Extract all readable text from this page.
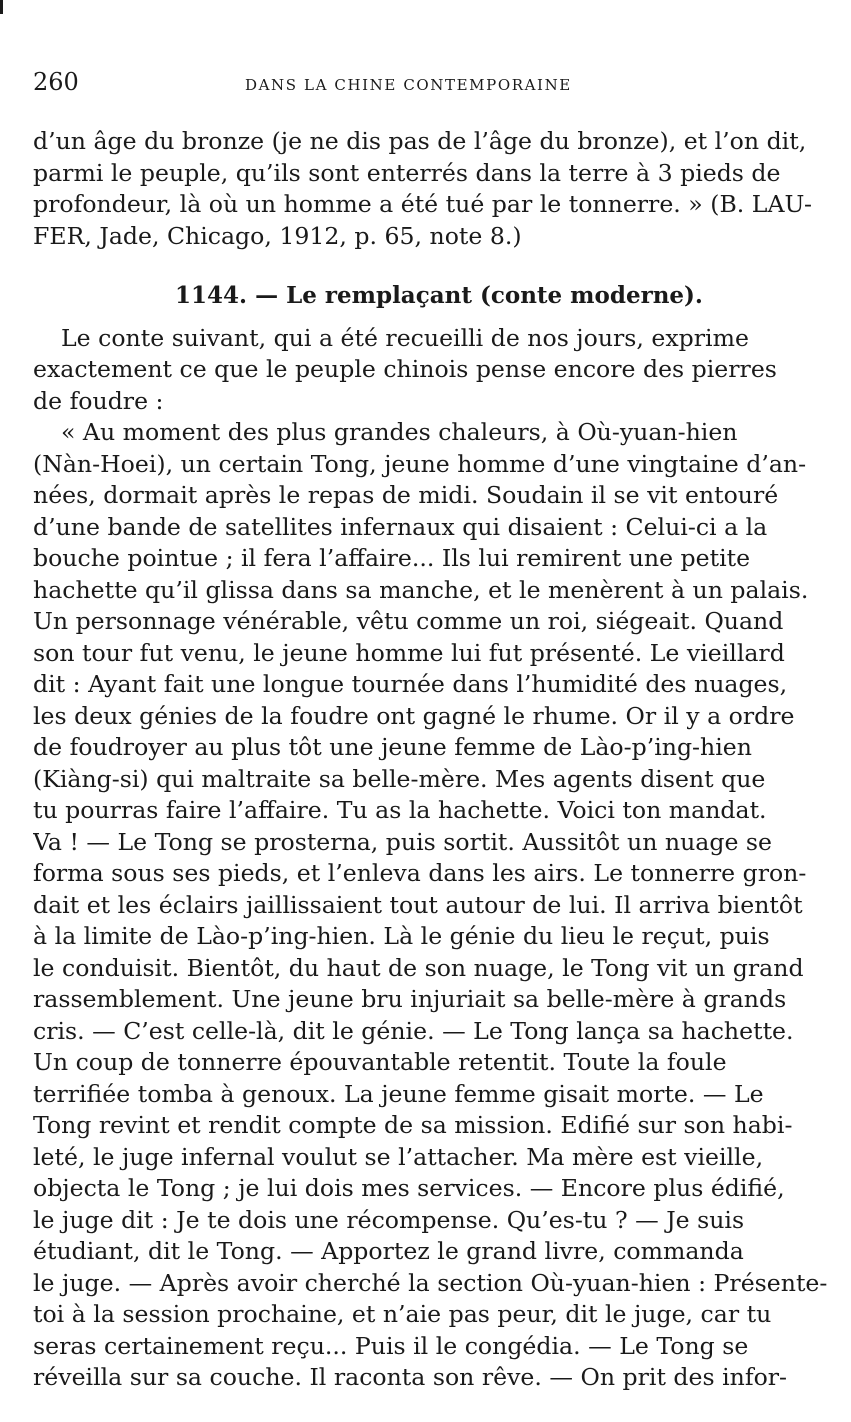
260	DANS LA CHINE CONTEMPORAINE
d’un âge du bronze (je ne dis pas de l’âge du bronze), et l’on dit,
parmi le peuple, qu’ils sont enterrés dans la terre à 3 pieds de
profondeur, là où un homme a été tué par le tonnerre. » (B. LAU-
FER, Jade, Chicago, 1912, p. 65, note 8.)
1144. — Le remplaçant (conte moderne).
Le conte suivant, qui a été recueilli de nos jours, exprime
exactement ce que le peuple chinois pense encore des pierres
de foudre :
« Au moment des plus grandes chaleurs, à Où-yuan-hien
(Nàn-Hoei), un certain Tong, jeune homme d’une vingtaine d’an-
nées, dormait après le repas de midi. Soudain il se vit entouré
d’une bande de satellites infernaux qui disaient : Celui-ci a la
bouche pointue ; il fera l’affaire... Ils lui remirent une petite
hachette qu’il glissa dans sa manche, et le menèrent à un palais.
Un personnage vénérable, vêtu comme un roi, siégeait. Quand
son tour fut venu, le jeune homme lui fut présenté. Le vieillard
dit : Ayant fait une longue tournée dans l’humidité des nuages,
les deux génies de la foudre ont gagné le rhume. Or il y a ordre
de foudroyer au plus tôt une jeune femme de Lào-p’ing-hien
(Kiàng-si) qui maltraite sa belle-mère. Mes agents disent que
tu pourras faire l’affaire. Tu as la hachette. Voici ton mandat.
Va ! — Le Tong se prosterna, puis sortit. Aussitôt un nuage se
forma sous ses pieds, et l’enleva dans les airs. Le tonnerre gron-
dait et les éclairs jaillissaient tout autour de lui. Il arriva bientôt
à la limite de Lào-p’ing-hien. Là le génie du lieu le reçut, puis
le conduisit. Bientôt, du haut de son nuage, le Tong vit un grand
rassemblement. Une jeune bru injuriait sa belle-mère à grands
cris. — C’est celle-là, dit le génie. — Le Tong lança sa hachette.
Un coup de tonnerre épouvantable retentit. Toute la foule
terrifiée tomba à genoux. La jeune femme gisait morte. — Le
Tong revint et rendit compte de sa mission. Edifié sur son habi-
leté, le juge infernal voulut se l’attacher. Ma mère est vieille,
objecta le Tong ; je lui dois mes services. — Encore plus édifié,
le juge dit : Je te dois une récompense. Qu’es-tu ? — Je suis
étudiant, dit le Tong. — Apportez le grand livre, commanda
le juge. — Après avoir cherché la section Où-yuan-hien : Présente-
toi à la session prochaine, et n’aie pas peur, dit le juge, car tu
seras certainement reçu... Puis il le congédia. — Le Tong se
réveilla sur sa couche. Il raconta son rêve. — On prit des infor-
